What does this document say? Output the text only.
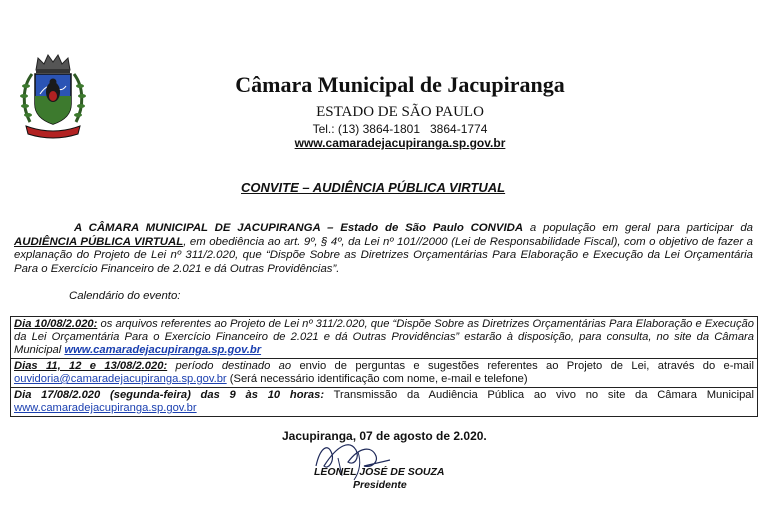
Câmara Municipal de Jacupiranga
ESTADO DE SÃO PAULO
Tel.: (13) 3864-1801 3864-1774
www.camaradejacupiranga.sp.gov.br
CONVITE – AUDIÊNCIA PÚBLICA VIRTUAL
A CÂMARA MUNICIPAL DE JACUPIRANGA – Estado de São Paulo CONVIDA a população em geral para participar da AUDIÊNCIA PÚBLICA VIRTUAL, em obediência ao art. 9º, § 4º, da Lei nº 101//2000 (Lei de Responsabilidade Fiscal), com o objetivo de fazer a explanação do Projeto de Lei nº 311/2.020, que “Dispõe Sobre as Diretrizes Orçamentárias Para Elaboração e Execução da Lei Orçamentária Para o Exercício Financeiro de 2.021 e dá Outras Providências”.
Calendário do evento:
Dia 10/08/2.020: os arquivos referentes ao Projeto de Lei nº 311/2.020, que “Dispõe Sobre as Diretrizes Orçamentárias Para Elaboração e Execução da Lei Orçamentária Para o Exercício Financeiro de 2.021 e dá Outras Providências” estarão à disposição, para consulta, no site da Câmara Municipal www.camaradejacupiranga.sp.gov.br
Dias 11, 12 e 13/08/2.020: período destinado ao envio de perguntas e sugestões referentes ao Projeto de Lei, através do e-mail ouvidoria@camaradejacupiranga.sp.gov.br (Será necessário identificação com nome, e-mail e telefone)
Dia 17/08/2.020 (segunda-feira) das 9 às 10 horas: Transmissão da Audiência Pública ao vivo no site da Câmara Municipal www.camaradejacupiranga.sp.gov.br
Jacupiranga, 07 de agosto de 2.020.
LEONEL JOSÉ DE SOUZA
Presidente
